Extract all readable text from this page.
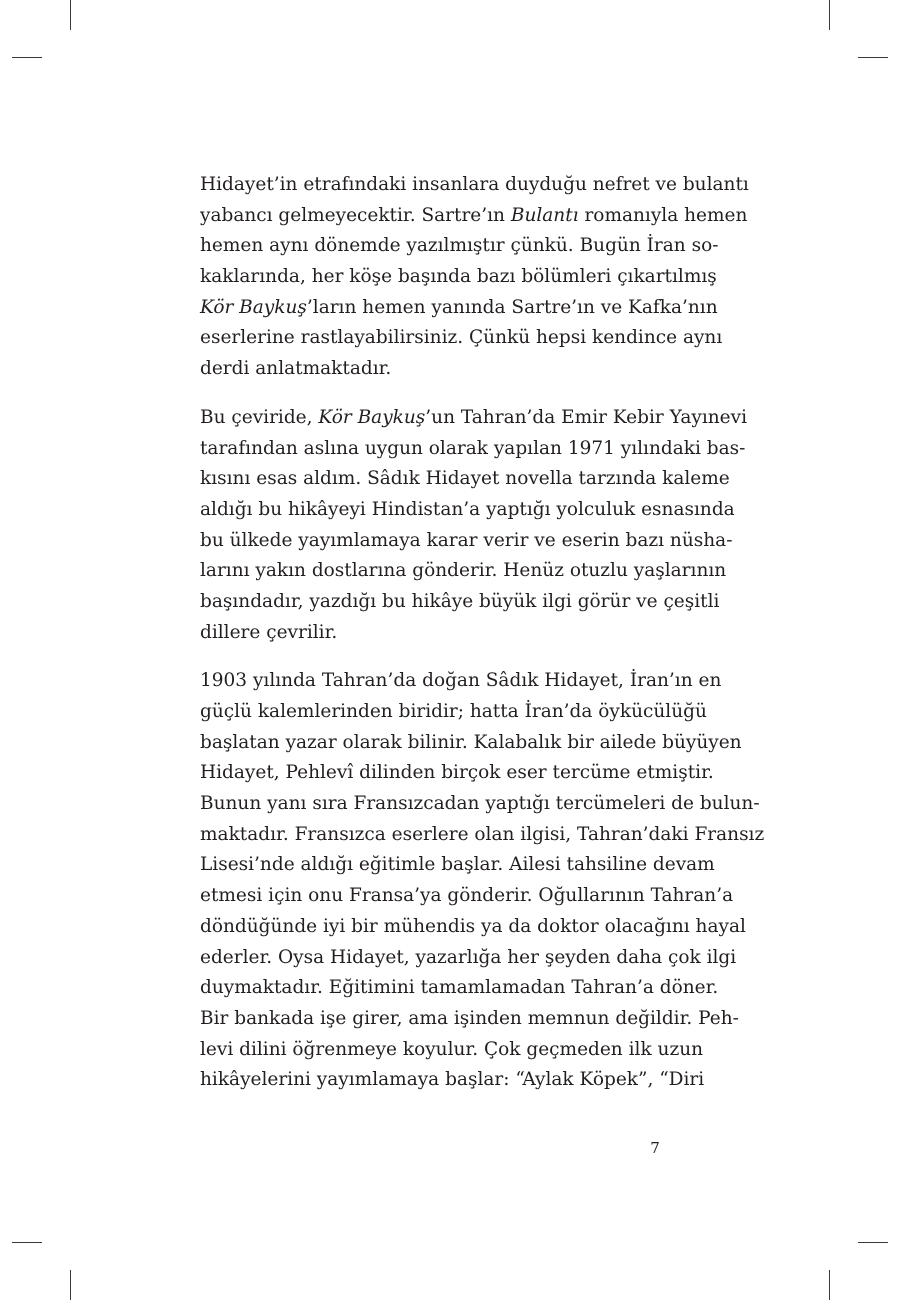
Hidayet’in etrafındaki insanlara duyduğu nefret ve bulantı
yabancı gelmeyecektir. Sartre’ın Bulantı romanıyla hemen
hemen aynı dönemde yazılmıştır çünkü. Bugün İran so-
kaklarında, her köşe başında bazı bölümleri çıkartılmış
Kör Baykuş’ların hemen yanında Sartre’ın ve Kafka’nın
eserlerine rastlayabilirsiniz. Çünkü hepsi kendince aynı
derdi anlatmaktadır.
Bu çeviride, Kör Baykuş’un Tahran’da Emir Kebir Yayınevi
tarafından aslına uygun olarak yapılan 1971 yılındaki bas-
kısını esas aldım. Sâdık Hidayet novella tarzında kaleme
aldığı bu hikâyeyi Hindistan’a yaptığı yolculuk esnasında
bu ülkede yayımlamaya karar verir ve eserin bazı nüsha-
larını yakın dostlarına gönderir. Henüz otuzlu yaşlarının
başındadır, yazdığı bu hikâye büyük ilgi görür ve çeşitli
dillere çevrilir.
1903 yılında Tahran’da doğan Sâdık Hidayet, İran’ın en
güçlü kalemlerinden biridir; hatta İran’da öykücülüğü
başlatan yazar olarak bilinir. Kalabalık bir ailede büyüyen
Hidayet, Pehlevî dilinden birçok eser tercüme etmiştir.
Bunun yanı sıra Fransızcadan yaptığı tercümeleri de bulun-
maktadır. Fransızca eserlere olan ilgisi, Tahran’daki Fransız
Lisesi’nde aldığı eğitimle başlar. Ailesi tahsiline devam
etmesi için onu Fransa’ya gönderir. Oğullarının Tahran’a
döndüğünde iyi bir mühendis ya da doktor olacağını hayal
ederler. Oysa Hidayet, yazarlığa her şeyden daha çok ilgi
duymaktadır. Eğitimini tamamlamadan Tahran’a döner.
Bir bankada işe girer, ama işinden memnun değildir. Peh-
levi dilini öğrenmeye koyulur. Çok geçmeden ilk uzun
hikâyelerini yayımlamaya başlar: “Aylak Köpek”, “Diri
7
